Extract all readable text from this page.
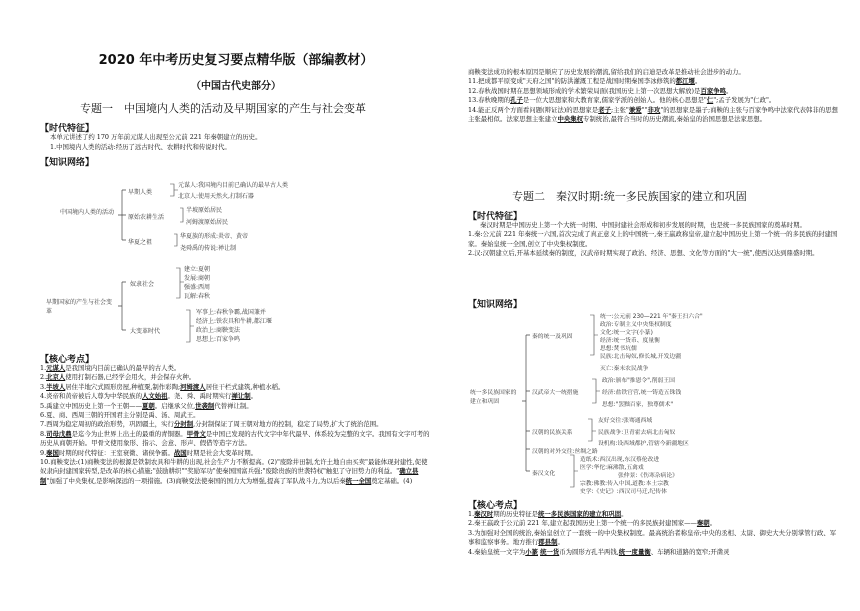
2020 年中考历史复习要点精华版（部编教材）
（中国古代史部分）
专题一　中国境内人类的活动及早期国家的产生与社会变革
【时代特征】

本单元讲述了约 170 万年前元谋人出现至公元前 221 年秦朝建立的历史。

1.中国境内人类的活动:经历了远古时代、农耕时代和传说时代。

【知识网络】
中国境内人类的活动
早期人类
元谋人:我国境内目前已确认的最早古人类
北京人:使用天然火,打制石器
原始农耕生活
半坡原始居民
河姆渡原始居民
华夏之祖
华夏族的形成:炎帝、黄帝
尧舜禹的传说:禅让制
早期国家的产生与社会变革
奴隶社会
建立:夏朝
发展:商朝
强盛:西周
瓦解:春秋
大变革时代
军事上:春秋争霸,战国兼并
经济上:铁农具和牛耕,都江堰
政治上:商鞅变法
思想上:百家争鸣
【核心考点】

1.元谋人是我国境内目前已确认的最早的古人类。

2.北京人使用打制石器,已经学会用火，并会保存火种。

3.半坡人居住半地穴式圆形房屋,种植粟,制作彩陶;河姆渡人居住干栏式建筑,种植水稻。

4.炎帝和黄帝被后人尊为中华民族的人文始祖。尧、舜、禹时期实行禅让制。

5.禹建立中国历史上第一个王朝——夏朝。启继承父位,世袭制代替禅让制。

6.夏、商、西周三朝的开国君主分别是禹、汤、周武王。

7.西周为稳定周初的政治形势，巩固疆土，实行分封制,分封制保证了周王朝对地方的控制，稳定了局势,扩大了统治范围。

8.司母戊鼎是迄今为止世界上出土的最重的青铜器。甲骨文是中国已发现的古代文字中年代最早、体系较为完整的文字。我国有文字可考的历史从商朝开始。甲骨文使用象形、指示、会意、形声、假借等造字方法。

9.秦国时期的时代特征：王室衰微、诸侯争霸。战国时期是社会大变革时期。

10.商鞅变法:(1)商鞅变法的根源是铁制农具和牛耕的出现,社会生产力不断提高。(2)"废除井田制,允许土地自由买卖"最能体现封建性,促使奴隶向封建国家转型,是改革的核心措施;"鼓励耕织""奖励军功"使秦国国富兵强;"废除贵族的世袭特权"触犯了守旧势力的利益。"确立县制"加强了中央集权,是影响深远的一项措施。(3)商鞅变法使秦国的国力大为增强,提高了军队战斗力,为以后秦统一全国奠定基础。(4)

商鞅变法成功的根本原因是顺应了历史发展的潮流,留给我们的启迪是改革是推动社会进步的动力。

11.把成都平原变成"天府之国"的防洪灌溉工程是战国时期秦国李冰修筑的都江堰。

12.春秋战国时期在思想领域形成的学术繁荣局面(我国历史上第一次思想大解放)是百家争鸣。

13.春秋晚期的孔子是一位大思想家和大教育家,儒家学派的创始人。他的核心思想是"仁";孟子发展为"仁政"。

14.能正反两个方面看问题(辩证法)的思想家是老子;主张"兼爱""非攻"的思想家是墨子;商鞅的主张与百家争鸣中法家代表韩非的思想主张最相似。法家思想主张建立中央集权专制统治,最符合当时的历史潮流,秦始皇的治国思想是法家思想。

专题二　秦汉时期:统一多民族国家的建立和巩固
【时代特征】

秦汉时期是中国历史上第一个大统一时期、中国封建社会形成和初步发展的时期，也是统一多民族国家的奠基时期。

1.秦:公元前 221 年秦统一六国,首次完成了真正意义上的中国统一,秦王嬴政称皇帝,建立起中国历史上第一个统一的多民族的封建国家。秦始皇统一全国,创立了中央集权制度。

2.汉:汉朝建立后,开基本延续秦的制度，汉武帝时期实现了政治、经济、思想、文化等方面的"大一统",使西汉达到鼎盛时期。

【知识网络】
统一多民族国家的建立和巩固
秦的统一及巩固
统一:公元前 230—221 年"秦王扫六合"
政治:专制主义中央集权制度
文化:统一文字(小篆)
经济:统一货币、度量衡
思想:焚书坑儒
民族:北击匈奴,修长城,开发边疆
灭亡:秦末农民战争
汉武帝大一统措施
政治:颁布"推恩令",削弱王国
经济:盐铁官营,统一铸造五铢钱
思想:"罢黜百家，独尊儒术"
汉朝的民族关系
友好交往:张骞通西域
民族战争:卫青霍去病北击匈奴
设机构:设西域都护,管辖今新疆地区
汉朝的对外交往:丝绸之路
秦汉文化
造纸术:西汉出现,东汉蔡伦改进
医学:华佗:麻沸散,五禽戏
张仲景:《伤寒杂病论》
宗教:佛教:传入中国,道教:本土宗教
史学:《史记》:西汉司马迁,纪传体
【核心考点】

1.秦汉时期的历史特征是统一多民族国家的建立和巩固。

2.秦王嬴政于公元前 221 年,建立起我国历史上第一个统一的多民族封建国家——秦朝。

3.为加强对全国的统治,秦始皇创立了一套统一的中央集权制度。最高统治者称皇帝;中央的丞相、太尉、御史大夫分别掌管行政、军事和监察事务。地方推行郡县制。

4.秦始皇统一文字为小篆 统一货币为圆形方孔半两钱,统一度量衡、车辆和道路的宽窄;开凿灵
